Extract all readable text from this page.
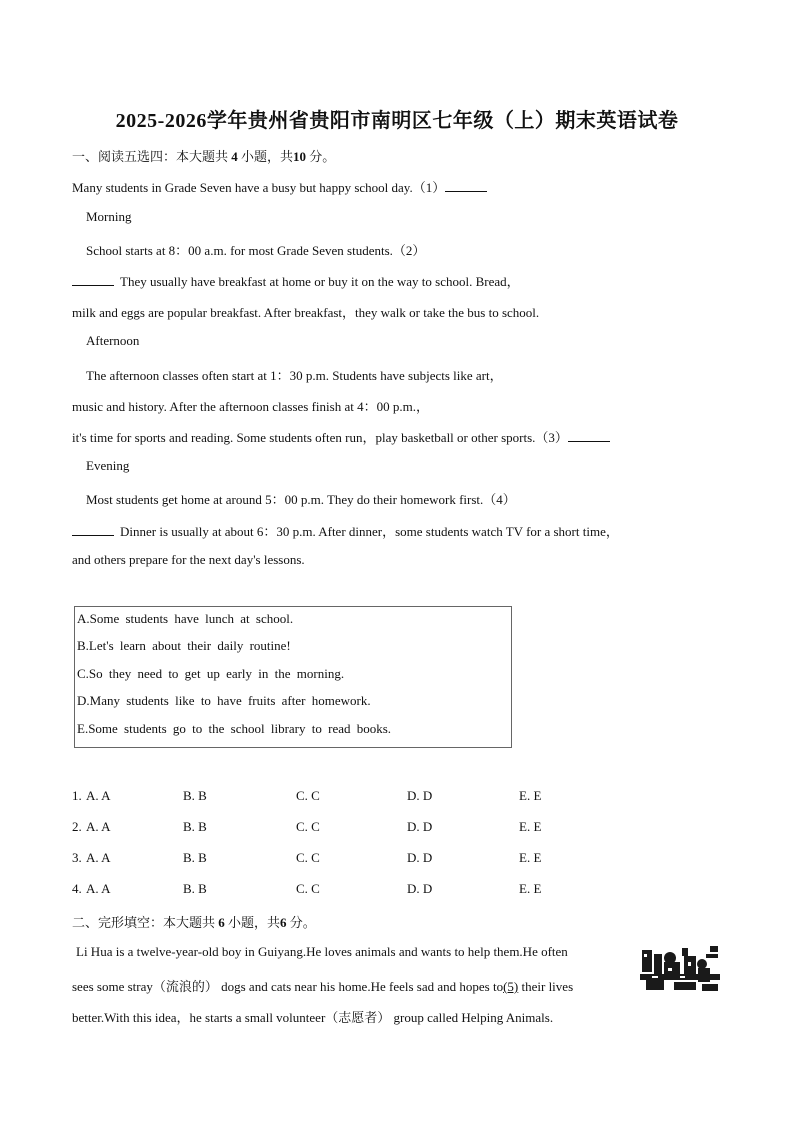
2025-2026学年贵州省贵阳市南明区七年级（上）期末英语试卷
一、阅读五选四：本大题共 4 小题，共10 分。
Many students in Grade Seven have a busy but happy school day.（1）
Morning
School starts at 8：00 a.m. for most Grade Seven students.（2）
They usually have breakfast at home or buy it on the way to school. Bread，
milk and eggs are popular breakfast. After breakfast，they walk or take the bus to school.
Afternoon
The afternoon classes often start at 1：30 p.m. Students have subjects like art，
music and history. After the afternoon classes finish at 4：00 p.m.，
it's time for sports and reading. Some students often run，play basketball or other sports.（3）
Evening
Most students get home at around 5：00 p.m. They do their homework first.（4）
Dinner is usually at about 6：30 p.m. After dinner，some students watch TV for a short time，
and others prepare for the next day's lessons.
A.Some students have lunch at school.
B.Let's learn about their daily routine!
C.So they need to get up early in the morning.
D.Many students like to have fruits after homework.
E.Some students go to the school library to read books.
1. A. A	B. B	C. C	D. D	E. E
2. A. A	B. B	C. C	D. D	E. E
3. A. A	B. B	C. C	D. D	E. E
4. A. A	B. B	C. C	D. D	E. E
二、完形填空：本大题共 6 小题，共6 分。
Li Hua is a twelve-year-old boy in Guiyang.He loves animals and wants to help them.He often
sees some stray（流浪的） dogs and cats near his home.He feels sad and hopes to(5) their lives
better.With this idea，he starts a small volunteer（志愿者） group called Helping Animals.
